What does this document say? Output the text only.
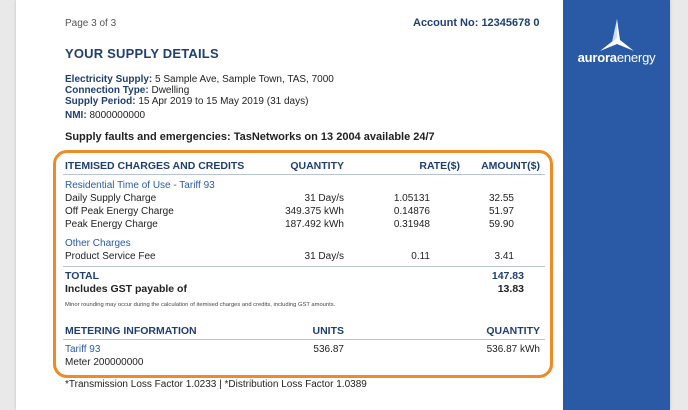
auroraenergy
Page 3 of 3	Account No: 12345678 0
YOUR SUPPLY DETAILS
Electricity Supply: 5 Sample Ave, Sample Town, TAS, 7000
Connection Type: Dwelling
Supply Period: 15 Apr 2019 to 15 May 2019 (31 days)
NMI: 8000000000
Supply faults and emergencies: TasNetworks on 13 2004 available 24/7
ITEMISED CHARGES AND CREDITS	QUANTITY	RATE($)	AMOUNT($)
Residential Time of Use - Tariff 93
Daily Supply Charge	31 Day/s	1.05131	32.55
Off Peak Energy Charge	349.375 kWh	0.14876	51.97
Peak Energy Charge	187.492 kWh	0.31948	59.90
Other Charges
Product Service Fee	31 Day/s	0.11	3.41
TOTAL	147.83
Includes GST payable of	13.83
Minor rounding may occur during the calculation of itemised charges and credits, including GST amounts.
METERING INFORMATION	UNITS	QUANTITY
Tariff 93	536.87	536.87 kWh
Meter 200000000
*Transmission Loss Factor 1.0233 | *Distribution Loss Factor 1.0389
